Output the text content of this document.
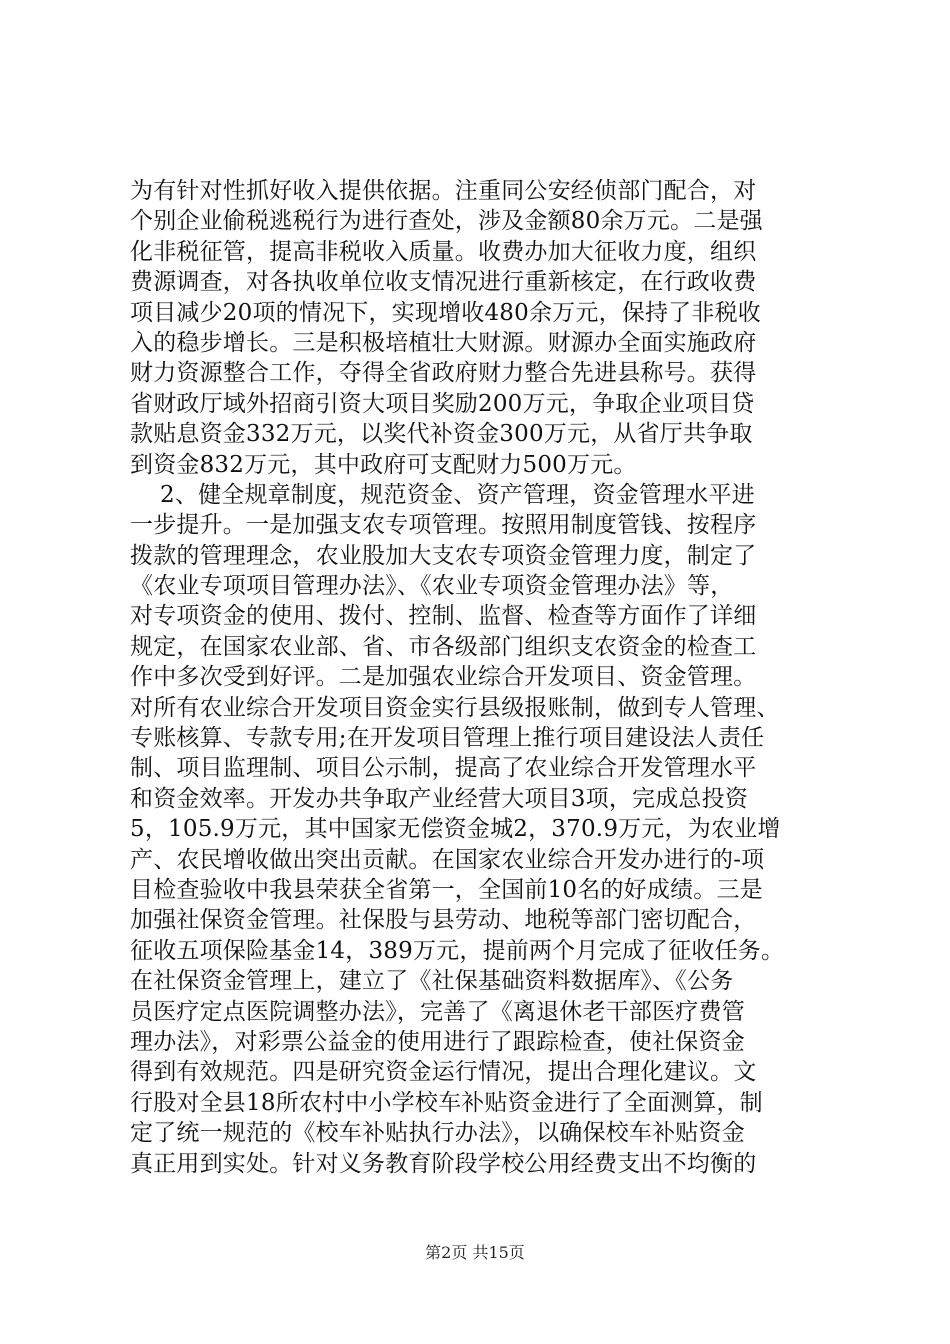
为有针对性抓好收入提供依据。注重同公安经侦部门配合，对
个别企业偷税逃税行为进行查处，涉及金额80余万元。二是强
化非税征管，提高非税收入质量。收费办加大征收力度，组织
费源调查，对各执收单位收支情况进行重新核定，在行政收费
项目减少20项的情况下，实现增收480余万元，保持了非税收
入的稳步增长。三是积极培植壮大财源。财源办全面实施政府
财力资源整合工作，夺得全省政府财力整合先进县称号。获得
省财政厅域外招商引资大项目奖励200万元，争取企业项目贷
款贴息资金332万元，以奖代补资金300万元，从省厅共争取
到资金832万元，其中政府可支配财力500万元。
2、健全规章制度，规范资金、资产管理，资金管理水平进
一步提升。一是加强支农专项管理。按照用制度管钱、按程序
拨款的管理理念，农业股加大支农专项资金管理力度，制定了
《农业专项项目管理办法》、《农业专项资金管理办法》等，
对专项资金的使用、拨付、控制、监督、检查等方面作了详细
规定，在国家农业部、省、市各级部门组织支农资金的检查工
作中多次受到好评。二是加强农业综合开发项目、资金管理。
对所有农业综合开发项目资金实行县级报账制，做到专人管理、
专账核算、专款专用;在开发项目管理上推行项目建设法人责任
制、项目监理制、项目公示制，提高了农业综合开发管理水平
和资金效率。开发办共争取产业经营大项目3项，完成总投资
5，105.9万元，其中国家无偿资金城2，370.9万元，为农业增
产、农民增收做出突出贡献。在国家农业综合开发办进行的-项
目检查验收中我县荣获全省第一，全国前10名的好成绩。三是
加强社保资金管理。社保股与县劳动、地税等部门密切配合，
征收五项保险基金14，389万元，提前两个月完成了征收任务。
在社保资金管理上，建立了《社保基础资料数据库》、《公务
员医疗定点医院调整办法》，完善了《离退休老干部医疗费管
理办法》，对彩票公益金的使用进行了跟踪检查，使社保资金
得到有效规范。四是研究资金运行情况，提出合理化建议。文
行股对全县18所农村中小学校车补贴资金进行了全面测算，制
定了统一规范的《校车补贴执行办法》，以确保校车补贴资金
真正用到实处。针对义务教育阶段学校公用经费支出不均衡的
第2页 共15页
